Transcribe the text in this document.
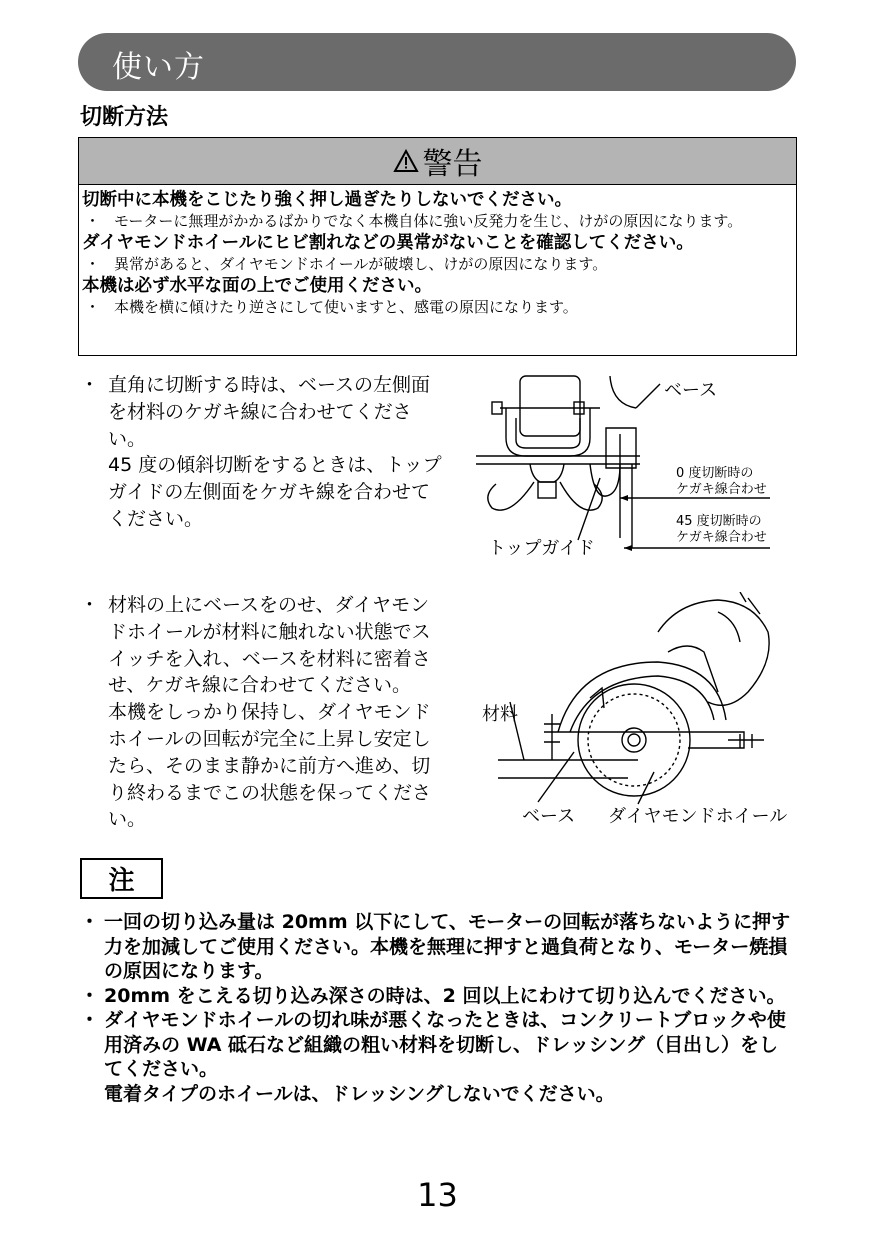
使い方
切断方法
警告
切断中に本機をこじたり強く押し過ぎたりしないでください。
・ モーターに無理がかかるばかりでなく本機自体に強い反発力を生じ、けがの原因になります。
ダイヤモンドホイールにヒビ割れなどの異常がないことを確認してください。
・ 異常があると、ダイヤモンドホイールが破壊し、けがの原因になります。
本機は必ず水平な面の上でご使用ください。
・ 本機を横に傾けたり逆さにして使いますと、感電の原因になります。
・ 直角に切断する時は、ベースの左側面を材料のケガキ線に合わせてください。
45 度の傾斜切断をするときは、トップガイドの左側面をケガキ線を合わせてください。
ベース
トップガイド
0 度切断時の
ケガキ線合わせ
45 度切断時の
ケガキ線合わせ
・ 材料の上にベースをのせ、ダイヤモンドホイールが材料に触れない状態でスイッチを入れ、ベースを材料に密着させ、ケガキ線に合わせてください。
本機をしっかり保持し、ダイヤモンドホイールの回転が完全に上昇し安定したら、そのまま静かに前方へ進め、切り終わるまでこの状態を保ってください。
材料
ベース ダイヤモンドホイール
注
・ 一回の切り込み量は 20mm 以下にして、モーターの回転が落ちないように押す力を加減してご使用ください。本機を無理に押すと過負荷となり、モーター焼損の原因になります。
・ 20mm をこえる切り込み深さの時は、2 回以上にわけて切り込んでください。
・ ダイヤモンドホイールの切れ味が悪くなったときは、コンクリートブロックや使用済みの WA 砥石など組織の粗い材料を切断し、ドレッシング（目出し）をしてください。
電着タイプのホイールは、ドレッシングしないでください。
13
